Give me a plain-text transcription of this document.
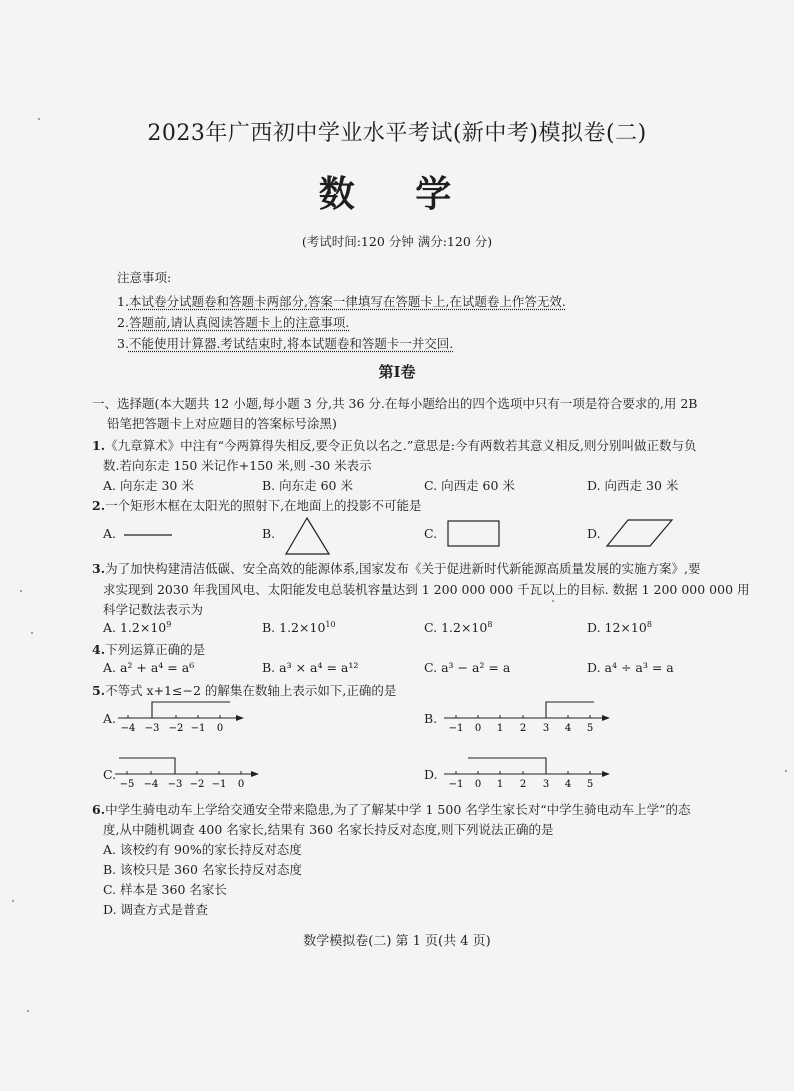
2023年广西初中学业水平考试(新中考)模拟卷(二)
数 学
(考试时间:120 分钟 满分:120 分)
注意事项:
1.本试卷分试题卷和答题卡两部分,答案一律填写在答题卡上,在试题卷上作答无效.
2.答题前,请认真阅读答题卡上的注意事项.
3.不能使用计算器.考试结束时,将本试题卷和答题卡一并交回.
第Ⅰ卷
一、选择题(本大题共 12 小题,每小题 3 分,共 36 分.在每小题给出的四个选项中只有一项是符合要求的,用 2B
铅笔把答题卡上对应题目的答案标号涂黑)
1.《九章算术》中注有“今两算得失相反,要令正负以名之.”意思是:今有两数若其意义相反,则分别叫做正数与负
数.若向东走 150 米记作+150 米,则 -30 米表示
A. 向东走 30 米	B. 向东走 60 米	C. 向西走 60 米	D. 向西走 30 米
2.一个矩形木框在太阳光的照射下,在地面上的投影不可能是
A.	B.	C.	D.
3.为了加快构建清洁低碳、安全高效的能源体系,国家发布《关于促进新时代新能源高质量发展的实施方案》,要
求实现到 2030 年我国风电、太阳能发电总装机容量达到 1 200 000 000 千瓦以上的目标. 数据 1 200 000 000 用
科学记数法表示为
A. $1.2\times 10^9$	B. $1.2\times 10^{10}$	C. $1.2\times 10^8$	D. $12\times 10^8$
4.下列运算正确的是
A. a² + a⁴ = a⁶	B. a³ × a⁴ = a¹²	C. a³ − a² = a	D. a⁴ ÷ a³ = a
5.不等式 x+1≤−2 的解集在数轴上表示如下,正确的是
A.
−4 −3 −2 −1 0
B.
−1 0 1 2 3 4 5
C.
−5 −4 −3 −2 −1 0
D.
−1 0 1 2 3 4 5
6.中学生骑电动车上学给交通安全带来隐患,为了了解某中学 1 500 名学生家长对“中学生骑电动车上学”的态
度,从中随机调查 400 名家长,结果有 360 名家长持反对态度,则下列说法正确的是
A. 该校约有 90%的家长持反对态度
B. 该校只是 360 名家长持反对态度
C. 样本是 360 名家长
D. 调查方式是普查
数学模拟卷(二) 第 1 页(共 4 页)
